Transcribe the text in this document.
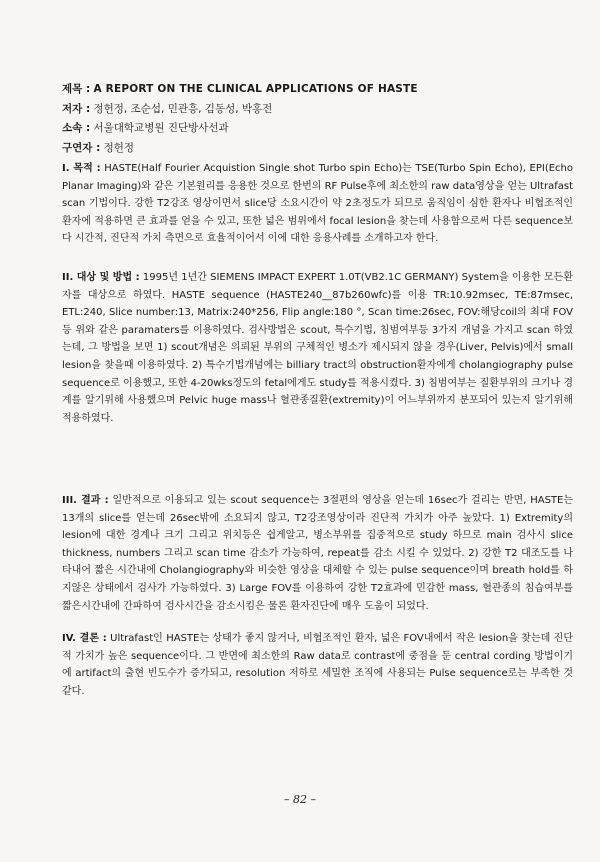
제목 : A REPORT ON THE CLINICAL APPLICATIONS OF HASTE
저자 : 정헌정, 조순섭, 민관흥, 김동성, 박홍전
소속 : 서울대학교병원 진단방사선과
구연자 : 정헌정

I. 목적 : HASTE(Half Fourier Acquistion Single shot Turbo spin Echo)는 TSE(Turbo Spin Echo), EPI(Echo Planar Imaging)와 같은 기본원리를 응용한 것으로 한번의 RF Pulse후에 최소한의 raw data영상을 얻는 Ultrafast scan 기법이다. 강한 T2강조 영상이면서 slice당 소요시간이 약 2초정도가 되므로 움직임이 심한 환자나 비협조적인 환자에 적용하면 큰 효과를 얻을 수 있고, 또한 넓은 범위에서 focal lesion을 찾는데 사용함으로써 다른 sequence보다 시간적, 진단적 가치 측면으로 효율적이어서 이에 대한 응용사례를 소개하고자 한다.

II. 대상 및 방법 : 1995년 1년간 SIEMENS IMPACT EXPERT 1.0T(VB2.1C GERMANY) System을 이용한 모든환자를 대상으로 하였다. HASTE sequence (HASTE240__87b260wfc)를 이용 TR:10.92msec, TE:87msec, ETL:240, Slice number:13, Matrix:240*256, Flip angle:180 °, Scan time:26sec, FOV:해당coil의 최대 FOV등 위와 같은 paramaters를 이용하였다. 검사방법은 scout, 특수기법, 침범여부등 3가지 개념을 가지고 scan 하였는데, 그 방법을 보면 1) scout개념은 의뢰된 부위의 구체적인 병소가 제시되지 않을 경우(Liver, Pelvis)에서 small lesion을 찾을때 이용하였다. 2) 특수기법개념에는 billiary tract의 obstruction환자에게 cholangiography pulse sequence로 이용했고, 또한 4-20wks정도의 fetal에게도 study를 적용시켰다. 3) 침범여부는 질환부위의 크기나 경계를 알기위해 사용했으며 Pelvic huge mass나 혈관종질환(extremity)이 어느부위까지 분포되어 있는지 알기위해 적용하였다.

III. 결과 : 일반적으로 이용되고 있는 scout sequence는 3절편의 영상을 얻는데 16sec가 걸리는 반면, HASTE는 13개의 slice를 얻는데 26sec밖에 소요되지 않고, T2강조영상이라 진단적 가치가 아주 높았다. 1) Extremity의 lesion에 대한 경계나 크기 그리고 위치등은 쉽게알고, 병소부위를 집중적으로 study 하므로 main 검사시 slice thickness, numbers 그리고 scan time 감소가 가능하여, repeat를 감소 시킬 수 있었다. 2) 강한 T2 대조도를 나타내어 짧은 시간내에 Cholangiography와 비슷한 영상을 대체할 수 있는 pulse sequence이며 breath hold를 하지않은 상태에서 검사가 가능하였다. 3) Large FOV를 이용하여 강한 T2효과에 민감한 mass, 혈관종의 침습여부를 짧은시간내에 간파하여 검사시간을 감소시킴은 물론 환자진단에 매우 도움이 되었다.

IV. 결론 : Ultrafast인 HASTE는 상태가 좋지 않거나, 비협조적인 환자, 넓은 FOV내에서 작은 lesion을 찾는데 진단적 가치가 높은 sequence이다. 그 반면에 최소한의 Raw data로 contrast에 중점을 둔 central cording 방법이기에 artifact의 출현 빈도수가 증가되고, resolution 저하로 세밀한 조직에 사용되는 Pulse sequence로는 부족한 것 같다.

– 82 –
